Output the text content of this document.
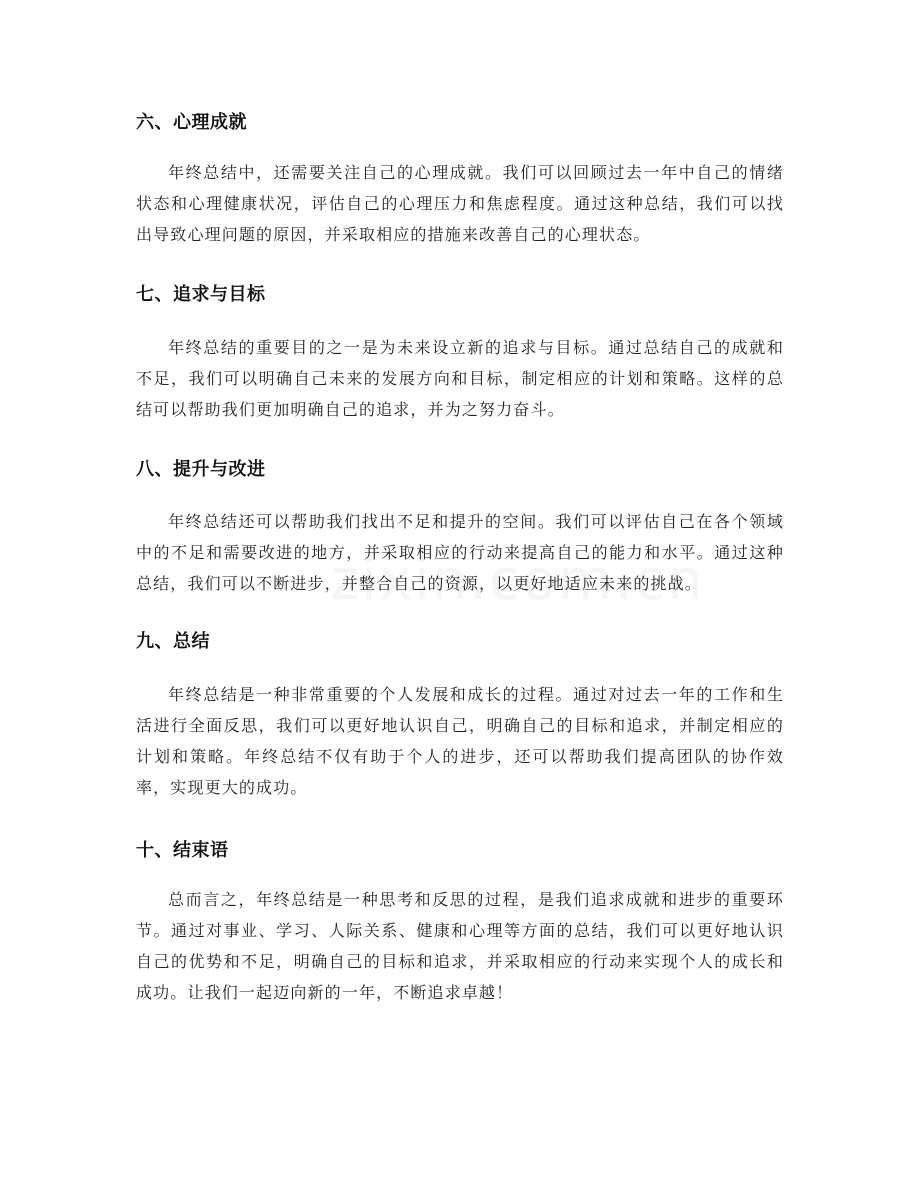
六、心理成就
年终总结中，还需要关注自己的心理成就。我们可以回顾过去一年中自己的情绪状态和心理健康状况，评估自己的心理压力和焦虑程度。通过这种总结，我们可以找出导致心理问题的原因，并采取相应的措施来改善自己的心理状态。
七、追求与目标
年终总结的重要目的之一是为未来设立新的追求与目标。通过总结自己的成就和不足，我们可以明确自己未来的发展方向和目标，制定相应的计划和策略。这样的总结可以帮助我们更加明确自己的追求，并为之努力奋斗。
八、提升与改进
年终总结还可以帮助我们找出不足和提升的空间。我们可以评估自己在各个领域中的不足和需要改进的地方，并采取相应的行动来提高自己的能力和水平。通过这种总结，我们可以不断进步，并整合自己的资源，以更好地适应未来的挑战。
九、总结
年终总结是一种非常重要的个人发展和成长的过程。通过对过去一年的工作和生活进行全面反思，我们可以更好地认识自己，明确自己的目标和追求，并制定相应的计划和策略。年终总结不仅有助于个人的进步，还可以帮助我们提高团队的协作效率，实现更大的成功。
十、结束语
总而言之，年终总结是一种思考和反思的过程，是我们追求成就和进步的重要环节。通过对事业、学习、人际关系、健康和心理等方面的总结，我们可以更好地认识自己的优势和不足，明确自己的目标和追求，并采取相应的行动来实现个人的成长和成功。让我们一起迈向新的一年，不断追求卓越！
